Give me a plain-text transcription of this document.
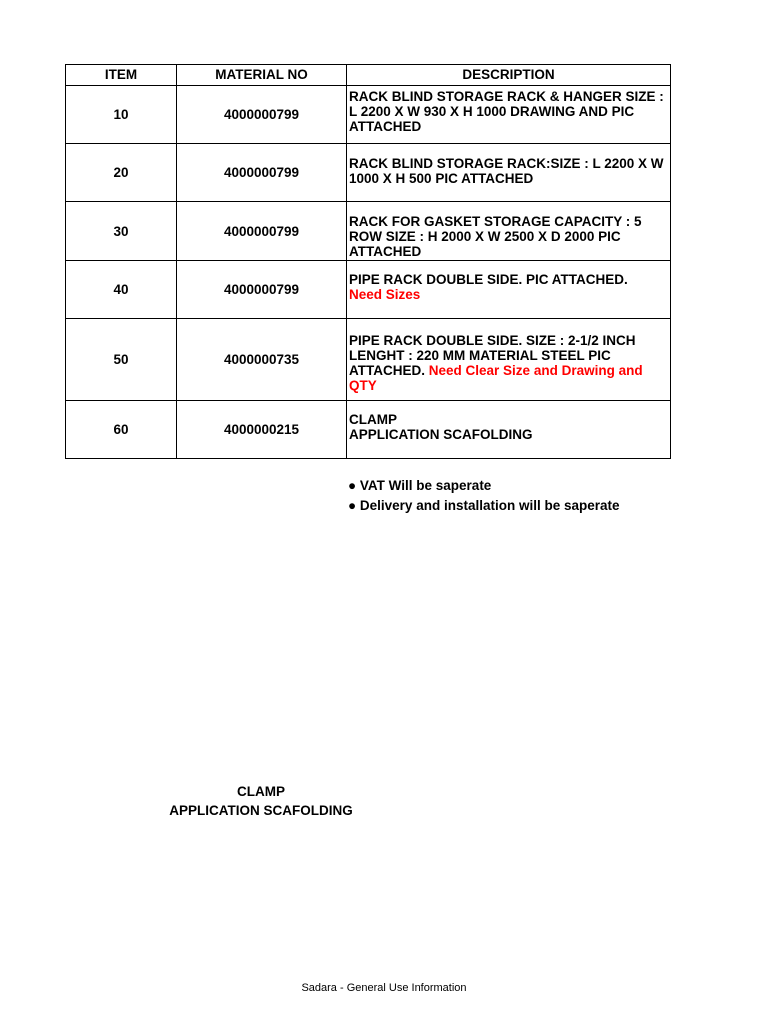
ITEM	MATERIAL NO	DESCRIPTION
10	4000000799	RACK BLIND STORAGE RACK & HANGER SIZE : L 2200 X W 930 X H 1000 DRAWING AND PIC ATTACHED
20	4000000799	RACK BLIND STORAGE RACK:SIZE : L 2200 X W 1000 X H 500 PIC ATTACHED
30	4000000799	RACK FOR GASKET STORAGE CAPACITY : 5 ROW SIZE : H 2000 X W 2500 X D 2000 PIC ATTACHED
40	4000000799	PIPE RACK DOUBLE SIDE. PIC ATTACHED.
Need Sizes
50	4000000735	PIPE RACK DOUBLE SIDE. SIZE : 2-1/2 INCH LENGHT : 220 MM MATERIAL STEEL PIC ATTACHED. Need Clear Size and Drawing and QTY
60	4000000215	CLAMP
APPLICATION SCAFOLDING
● VAT Will be saperate
● Delivery and installation will be saperate
CLAMP
APPLICATION SCAFOLDING
Sadara - General Use Information
